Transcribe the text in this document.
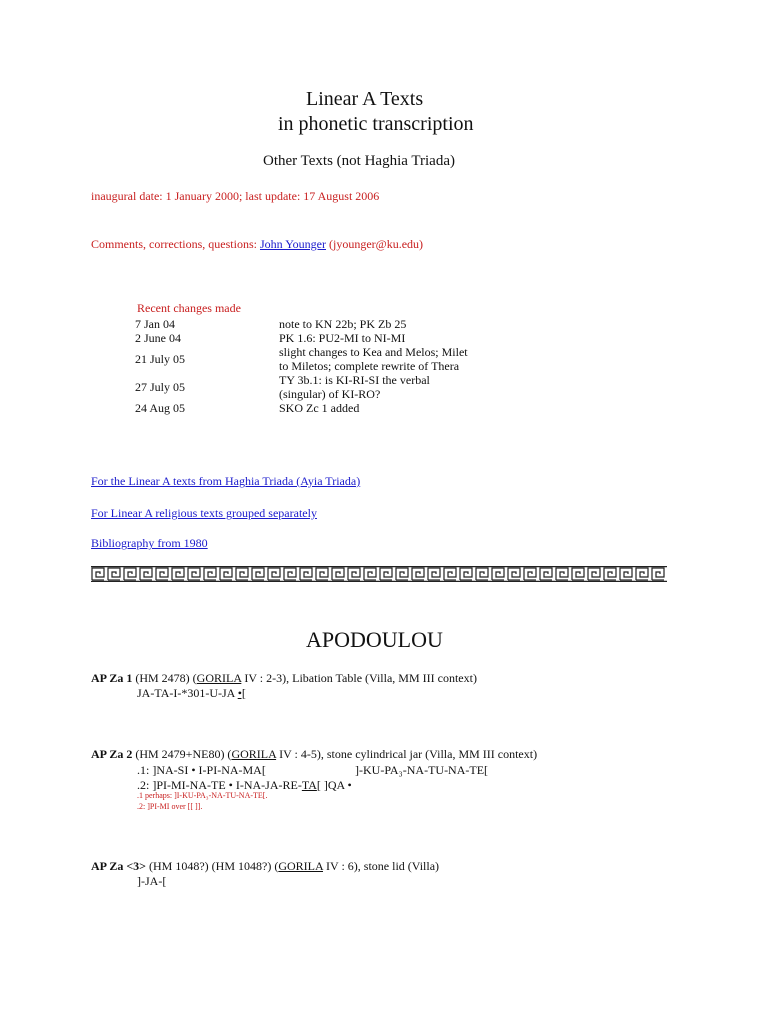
Linear A Texts
in phonetic transcription
Other Texts (not Haghia Triada)
inaugural date: 1 January 2000; last update: 17 August 2006
Comments, corrections, questions: John Younger (jyounger@ku.edu)
Recent changes made	
7 Jan 04	note to KN 22b; PK Zb 25
2 June 04	PK 1.6: PU2-MI to NI-MI
21 July 05	slight changes to Kea and Melos; Milet
to Miletos; complete rewrite of Thera
27 July 05	TY 3b.1: is KI-RI-SI the verbal
(singular) of KI-RO?
24 Aug 05	SKO Zc 1 added
For the Linear A texts from Haghia Triada (Ayia Triada)
For Linear A religious texts grouped separately
Bibliography from 1980
APODOULOU
AP Za 1 (HM 2478) (GORILA IV : 2-3), Libation Table (Villa, MM III context)
JA-TA-I-*301-U-JA •[
AP Za 2 (HM 2479+NE80) (GORILA IV : 4-5), stone cylindrical jar (Villa, MM III context)
.1: ]NA-SI • I-PI-NA-MA[	]-KU-PA₃-NA-TU-NA-TE[
.2: ]PI-MI-NA-TE • I-NA-JA-RE-TA[ ]QA •
.1 perhaps: ]I-KU-PA₃-NA-TU-NA-TE[.
.2: ]PI-MI over [[ ]].
AP Za <3> (HM 1048?) (HM 1048?) (GORILA IV : 6), stone lid (Villa)
]-JA-[
